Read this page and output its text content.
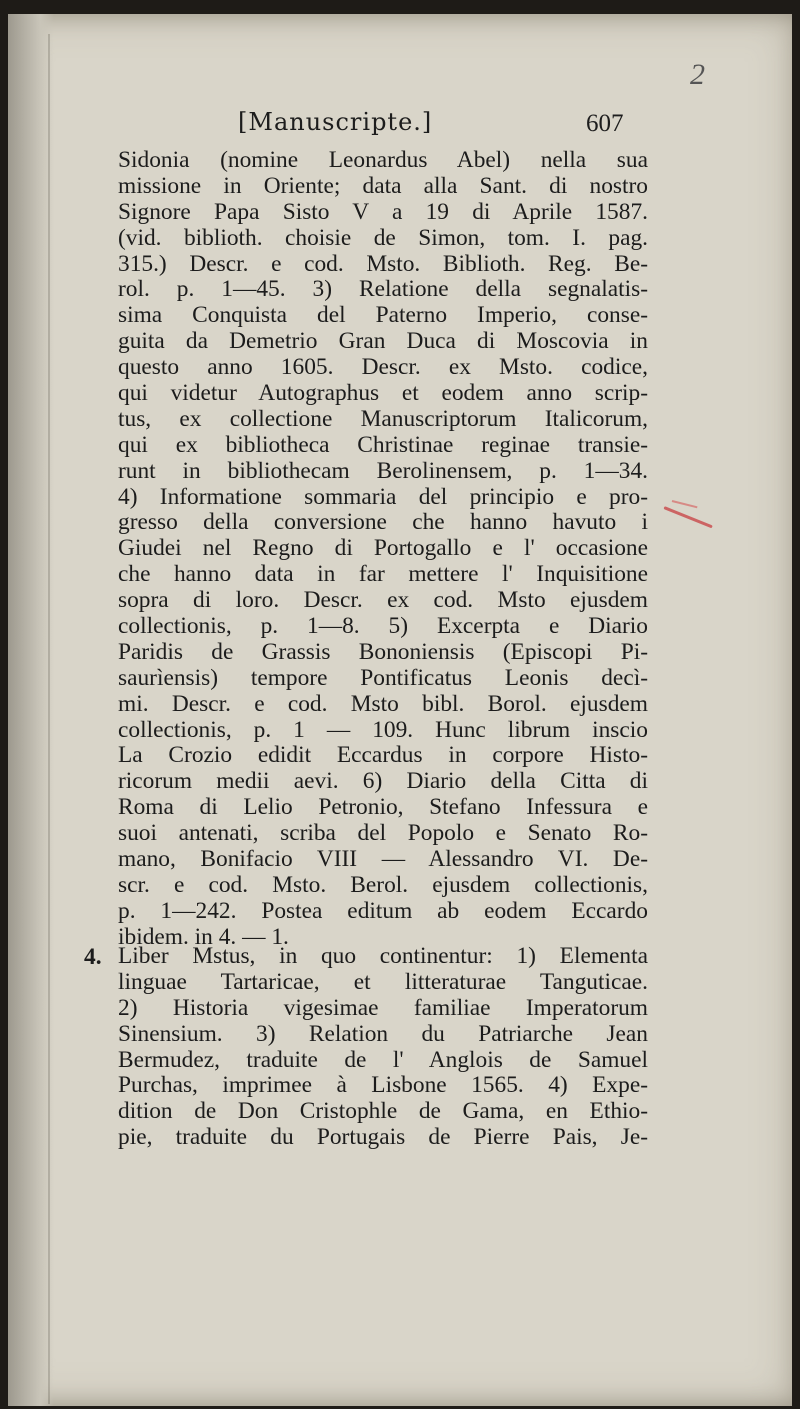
2
[Manuscripte.]	607
Sidonia (nomine Leonardus Abel) nella sua
missione in Oriente; data alla Sant. di nostro
Signore Papa Sisto V a 19 di Aprile 1587.
(vid. biblioth. choisie de Simon, tom. I. pag.
315.) Descr. e cod. Msto. Biblioth. Reg. Be-
rol. p. 1—45. 3) Relatione della segnalatis-
sima Conquista del Paterno Imperio, conse-
guita da Demetrio Gran Duca di Moscovia in
questo anno 1605. Descr. ex Msto. codice,
qui videtur Autographus et eodem anno scrip-
tus, ex collectione Manuscriptorum Italicorum,
qui ex bibliotheca Christinae reginae transie-
runt in bibliothecam Berolinensem, p. 1—34.
4) Informatione sommaria del principio e pro-
gresso della conversione che hanno havuto i
Giudei nel Regno di Portogallo e l' occasione
che hanno data in far mettere l' Inquisitione
sopra di loro. Descr. ex cod. Msto ejusdem
collectionis, p. 1—8. 5) Excerpta e Diario
Paridis de Grassis Bononiensis (Episcopi Pi-
saurìensis) tempore Pontificatus Leonis decì-
mi. Descr. e cod. Msto bibl. Borol. ejusdem
collectionis, p. 1 — 109. Hunc librum inscio
La Crozio edidit Eccardus in corpore Histo-
ricorum medii aevi. 6) Diario della Citta di
Roma di Lelio Petronio, Stefano Infessura e
suoi antenati, scriba del Popolo e Senato Ro-
mano, Bonifacio VIII — Alessandro VI. De-
scr. e cod. Msto. Berol. ejusdem collectionis,
p. 1—242. Postea editum ab eodem Eccardo
ibidem. in 4. — 1.
4. Liber Mstus, in quo continentur: 1) Elementa
linguae Tartaricae, et litteraturae Tanguticae.
2) Historia vigesimae familiae Imperatorum
Sinensium. 3) Relation du Patriarche Jean
Bermudez, traduite de l' Anglois de Samuel
Purchas, imprimee à Lisbone 1565. 4) Expe-
dition de Don Cristophle de Gama, en Ethio-
pie, traduite du Portugais de Pierre Pais, Je-
